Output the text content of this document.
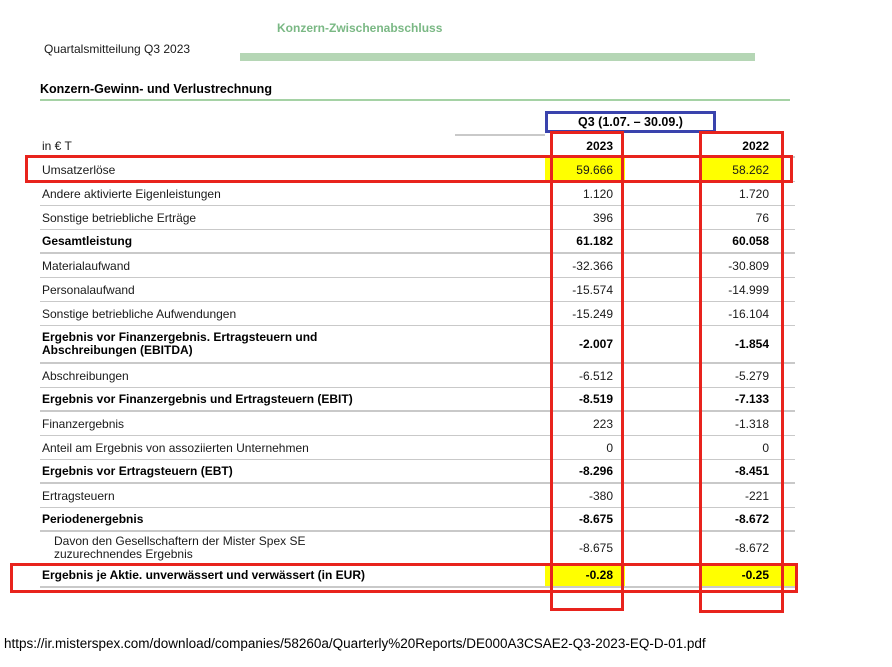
Konzern-Zwischenabschluss
Quartalsmitteilung Q3 2023
Konzern-Gewinn- und Verlustrechnung
in € T	2023	2022
Umsatzerlöse	59.666	58.262
Andere aktivierte Eigenleistungen	1.120	1.720
Sonstige betriebliche Erträge	396	76
Gesamtleistung	61.182	60.058
Materialaufwand	-32.366	-30.809
Personalaufwand	-15.574	-14.999
Sonstige betriebliche Aufwendungen	-15.249	-16.104
Ergebnis vor Finanzergebnis. Ertragsteuern und Abschreibungen (EBITDA)	-2.007	-1.854
Abschreibungen	-6.512	-5.279
Ergebnis vor Finanzergebnis und Ertragsteuern (EBIT)	-8.519	-7.133
Finanzergebnis	223	-1.318
Anteil am Ergebnis von assoziierten Unternehmen	0	0
Ergebnis vor Ertragsteuern (EBT)	-8.296	-8.451
Ertragsteuern	-380	-221
Periodenergebnis	-8.675	-8.672
Davon den Gesellschaftern der Mister Spex SE zuzurechnendes Ergebnis	-8.675	-8.672
Ergebnis je Aktie. unverwässert und verwässert (in EUR)	-0.28	-0.25
Q3 (1.07. – 30.09.)
https://ir.misterspex.com/download/companies/58260a/Quarterly%20Reports/DE000A3CSAE2-Q3-2023-EQ-D-01.pdf
